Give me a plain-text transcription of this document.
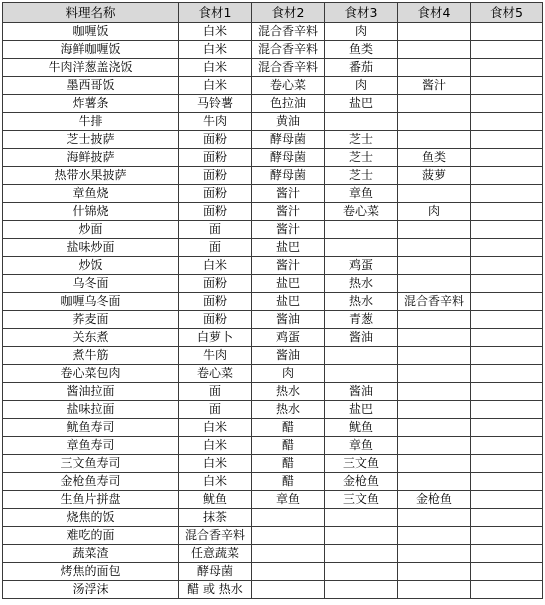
料理名称	食材1	食材2	食材3	食材4	食材5
咖喱饭	白米	混合香辛料	肉		
海鲜咖喱饭	白米	混合香辛料	鱼类		
牛肉洋葱盖浇饭	白米	混合香辛料	番茄		
墨西哥饭	白米	卷心菜	肉	酱汁	
炸薯条	马铃薯	色拉油	盐巴		
牛排	牛肉	黄油			
芝士披萨	面粉	酵母菌	芝士		
海鲜披萨	面粉	酵母菌	芝士	鱼类	
热带水果披萨	面粉	酵母菌	芝士	菠萝	
章鱼烧	面粉	酱汁	章鱼		
什锦烧	面粉	酱汁	卷心菜	肉	
炒面	面	酱汁			
盐味炒面	面	盐巴			
炒饭	白米	酱汁	鸡蛋		
乌冬面	面粉	盐巴	热水		
咖喱乌冬面	面粉	盐巴	热水	混合香辛料	
荞麦面	面粉	酱油	青葱		
关东煮	白萝卜	鸡蛋	酱油		
煮牛筋	牛肉	酱油			
卷心菜包肉	卷心菜	肉			
酱油拉面	面	热水	酱油		
盐味拉面	面	热水	盐巴		
鱿鱼寿司	白米	醋	鱿鱼		
章鱼寿司	白米	醋	章鱼		
三文鱼寿司	白米	醋	三文鱼		
金枪鱼寿司	白米	醋	金枪鱼		
生鱼片拼盘	鱿鱼	章鱼	三文鱼	金枪鱼	
烧焦的饭	抹茶				
难吃的面	混合香辛料				
蔬菜渣	任意蔬菜				
烤焦的面包	酵母菌				
汤浮沫	醋 或 热水				
